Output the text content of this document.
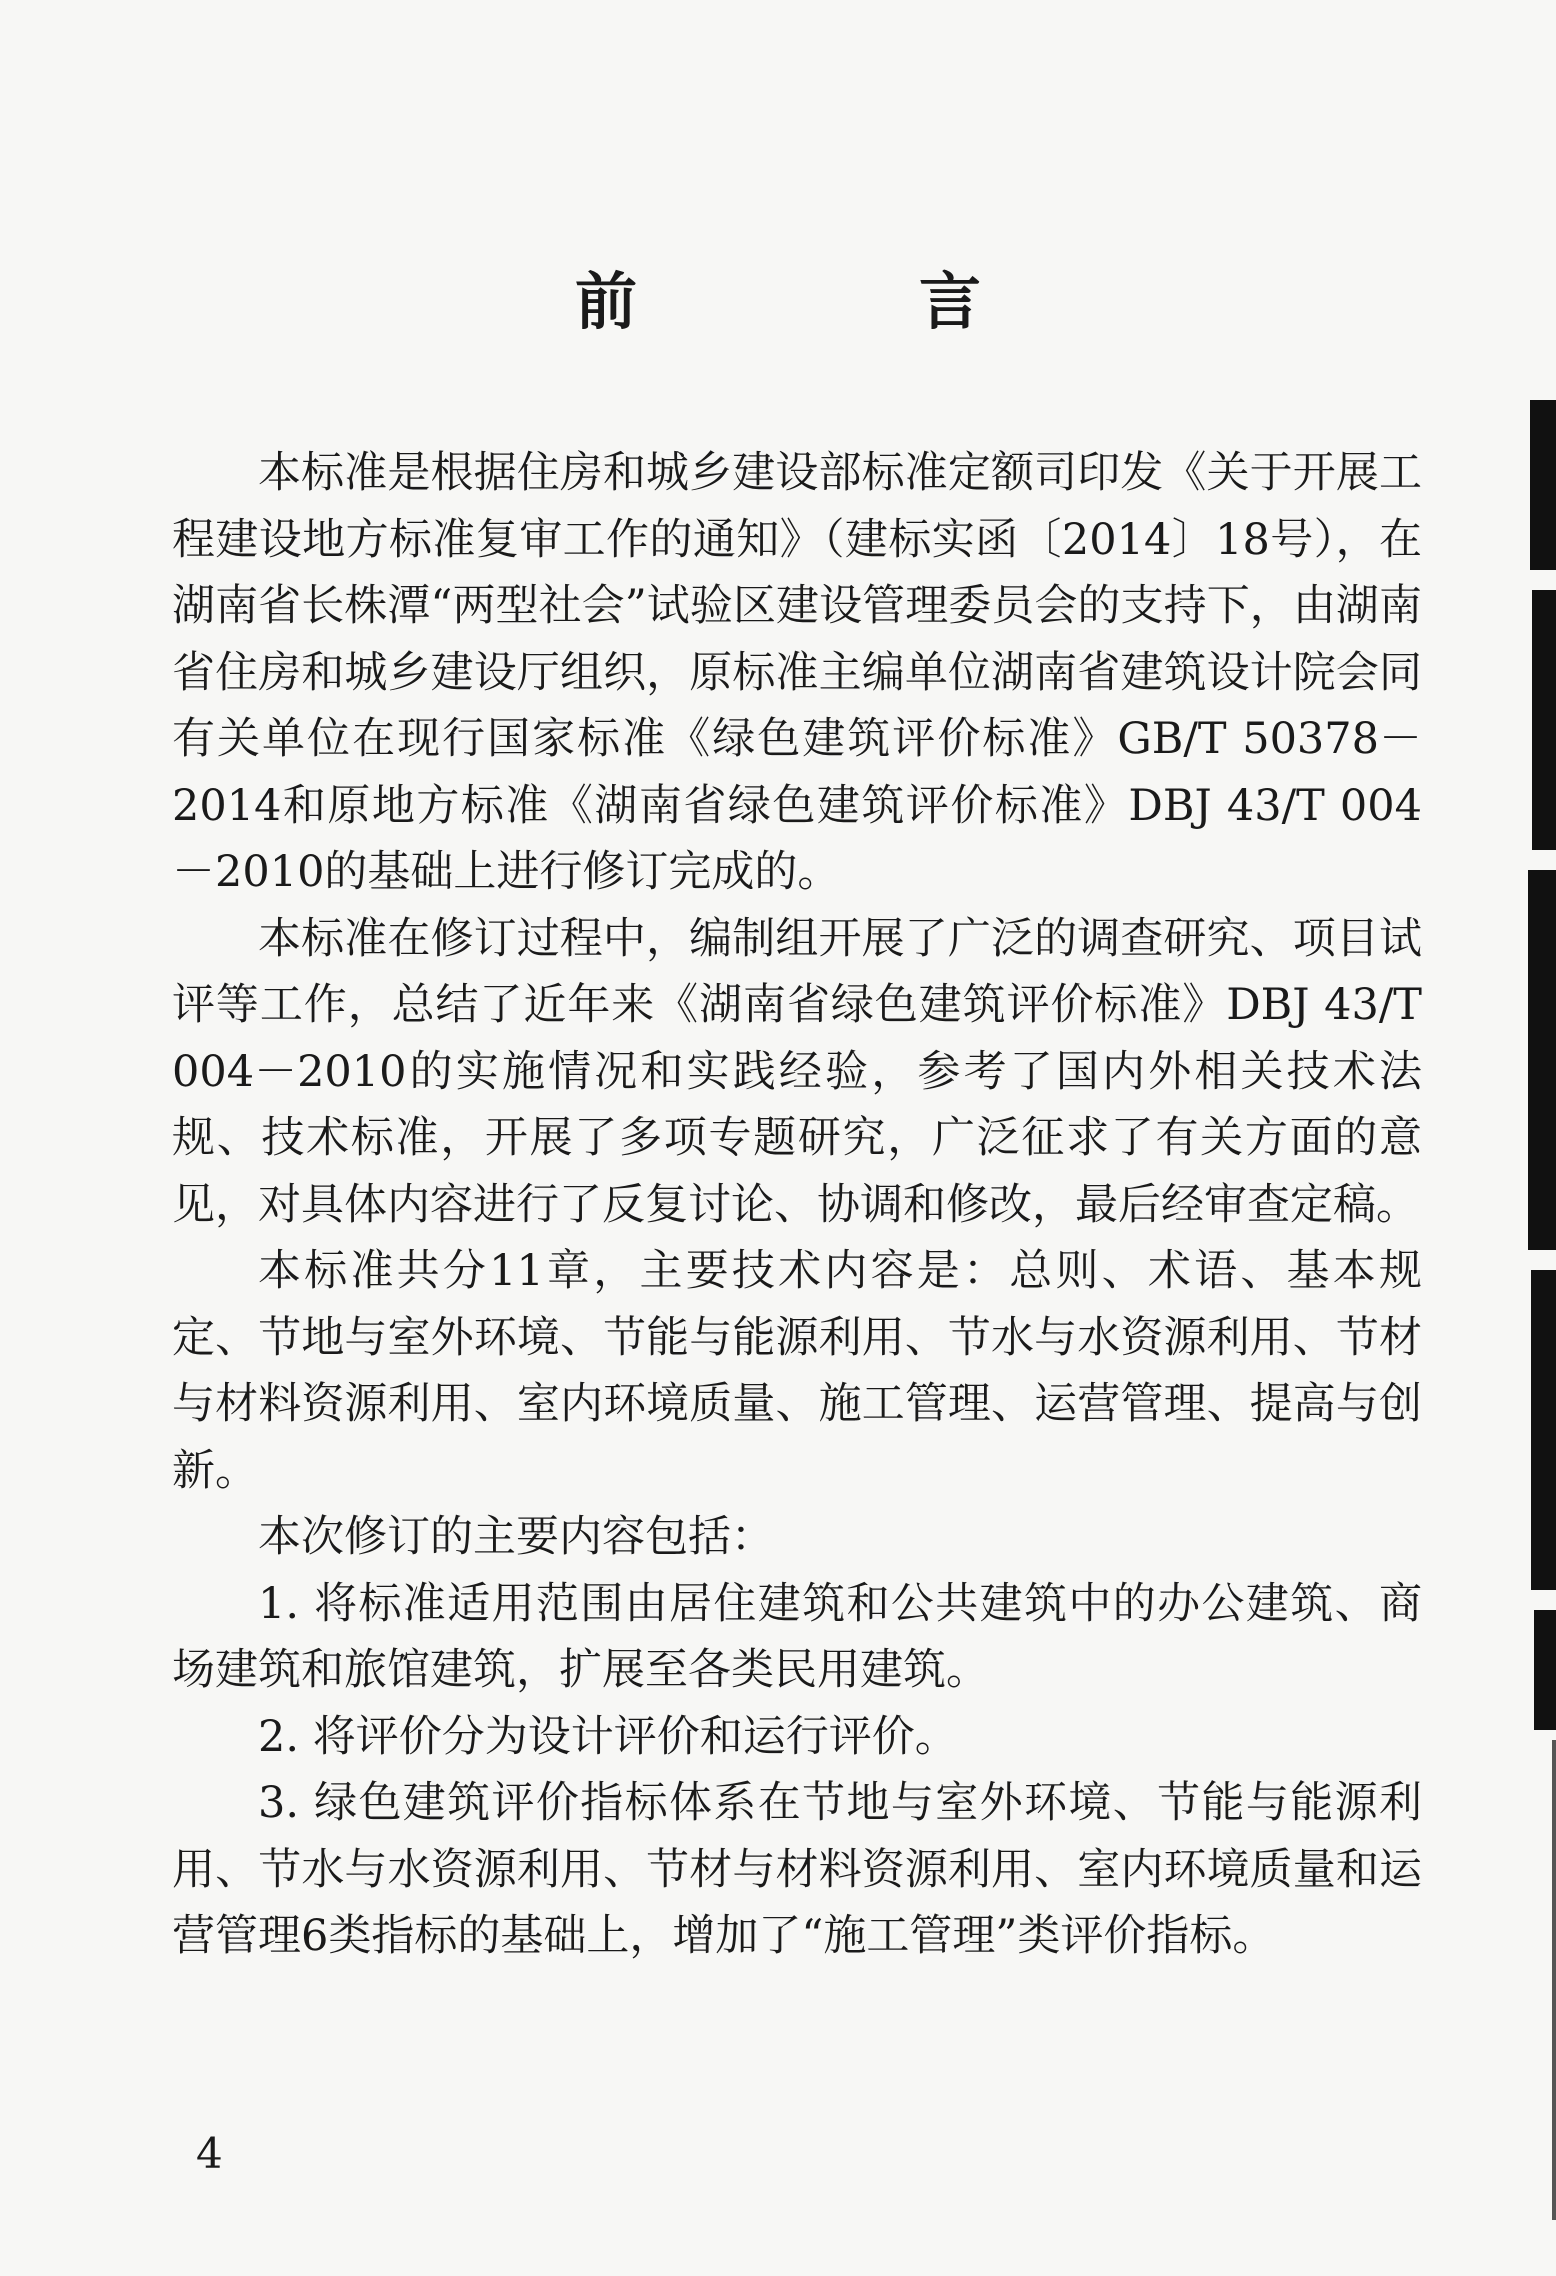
前　言

本标准是根据住房和城乡建设部标准定额司印发《关于开展工程建设地方标准复审工作的通知》（建标实函〔2014〕18号），在湖南省长株潭“两型社会”试验区建设管理委员会的支持下，由湖南省住房和城乡建设厅组织，原标准主编单位湖南省建筑设计院会同有关单位在现行国家标准《绿色建筑评价标准》GB/T 50378－2014和原地方标准《湖南省绿色建筑评价标准》DBJ 43/T 004－2010的基础上进行修订完成的。

本标准在修订过程中，编制组开展了广泛的调查研究、项目试评等工作，总结了近年来《湖南省绿色建筑评价标准》DBJ 43/T 004－2010的实施情况和实践经验，参考了国内外相关技术法规、技术标准，开展了多项专题研究，广泛征求了有关方面的意见，对具体内容进行了反复讨论、协调和修改，最后经审查定稿。

本标准共分11章，主要技术内容是：总则、术语、基本规定、节地与室外环境、节能与能源利用、节水与水资源利用、节材与材料资源利用、室内环境质量、施工管理、运营管理、提高与创新。

本次修订的主要内容包括：

1. 将标准适用范围由居住建筑和公共建筑中的办公建筑、商场建筑和旅馆建筑，扩展至各类民用建筑。

2. 将评价分为设计评价和运行评价。

3. 绿色建筑评价指标体系在节地与室外环境、节能与能源利用、节水与水资源利用、节材与材料资源利用、室内环境质量和运营管理6类指标的基础上，增加了“施工管理”类评价指标。

4
